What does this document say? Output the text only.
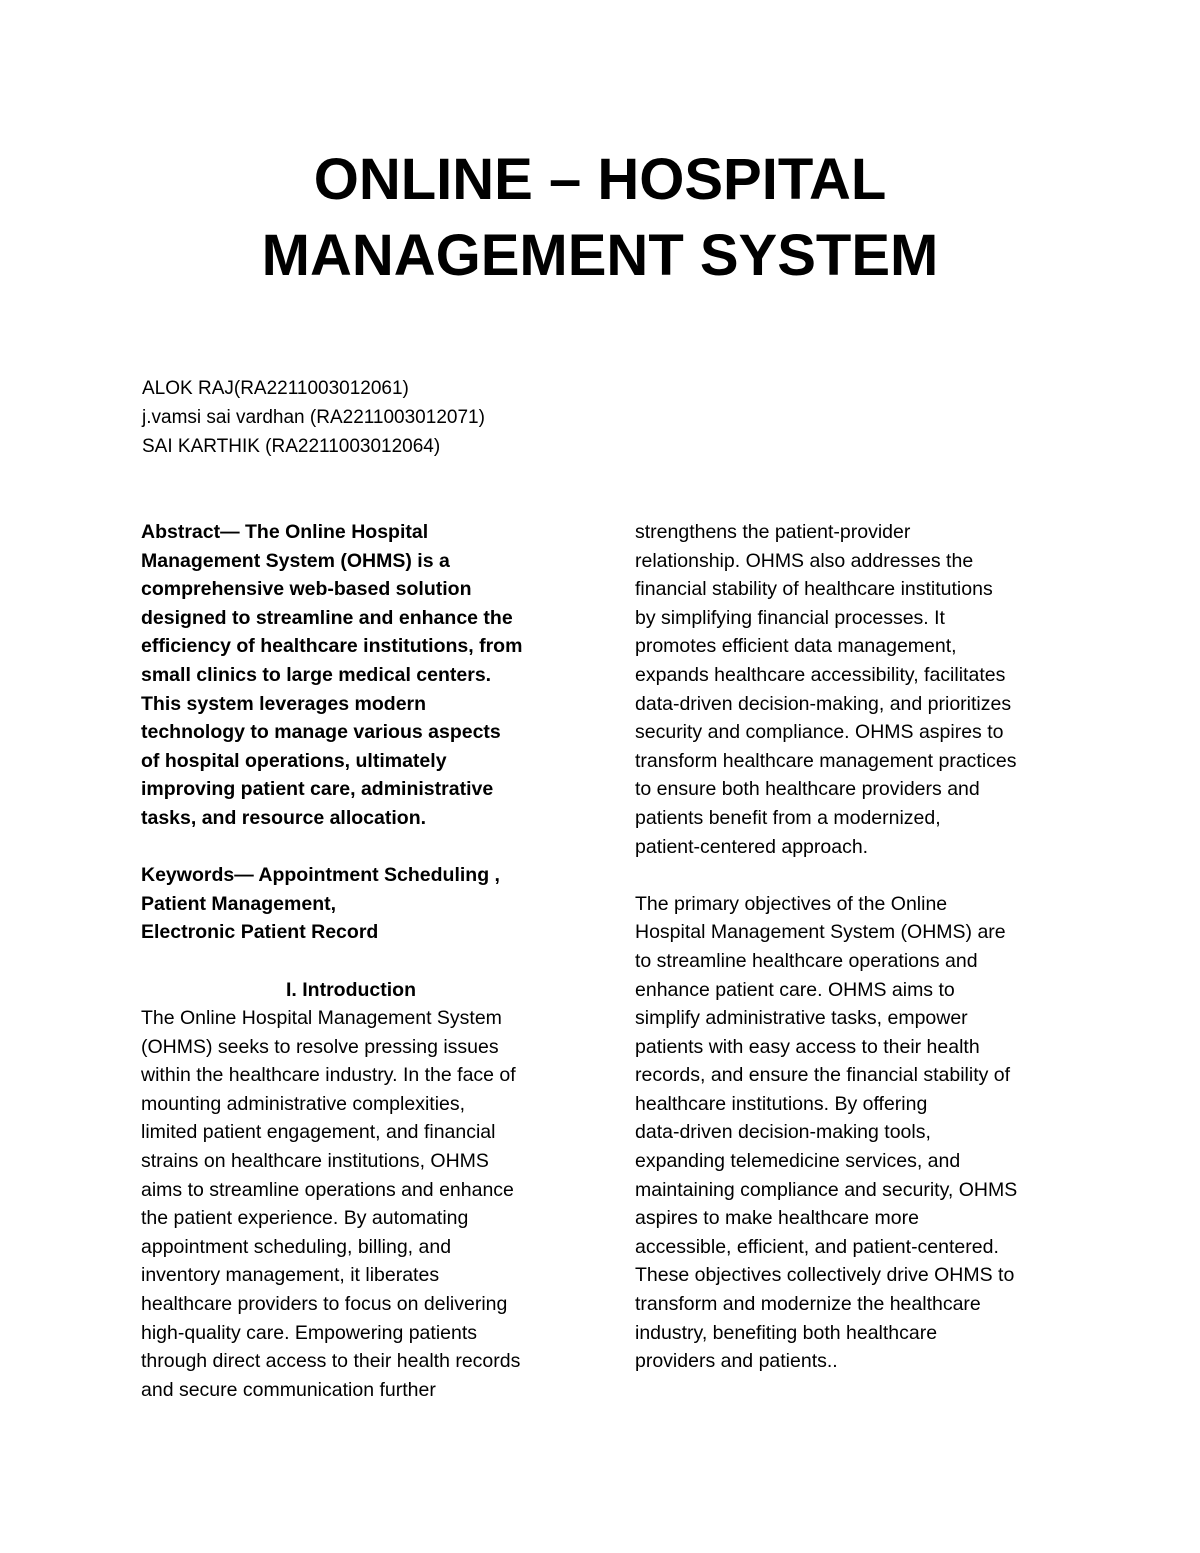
ONLINE – HOSPITAL
MANAGEMENT SYSTEM
ALOK RAJ(RA2211003012061)
j.vamsi sai vardhan (RA2211003012071)
SAI KARTHIK (RA2211003012064)
Abstract— The Online Hospital
Management System (OHMS) is a
comprehensive web-based solution
designed to streamline and enhance the
efficiency of healthcare institutions, from
small clinics to large medical centers.
This system leverages modern
technology to manage various aspects
of hospital operations, ultimately
improving patient care, administrative
tasks, and resource allocation.
Keywords— Appointment Scheduling ,
Patient Management,
Electronic Patient Record

I. Introduction

The Online Hospital Management System
(OHMS) seeks to resolve pressing issues
within the healthcare industry. In the face of
mounting administrative complexities,
limited patient engagement, and financial
strains on healthcare institutions, OHMS
aims to streamline operations and enhance
the patient experience. By automating
appointment scheduling, billing, and
inventory management, it liberates
healthcare providers to focus on delivering
high-quality care. Empowering patients
through direct access to their health records
and secure communication further
strengthens the patient-provider
relationship. OHMS also addresses the
financial stability of healthcare institutions
by simplifying financial processes. It
promotes efficient data management,
expands healthcare accessibility, facilitates
data-driven decision-making, and prioritizes
security and compliance. OHMS aspires to
transform healthcare management practices
to ensure both healthcare providers and
patients benefit from a modernized,
patient-centered approach.
The primary objectives of the Online
Hospital Management System (OHMS) are
to streamline healthcare operations and
enhance patient care. OHMS aims to
simplify administrative tasks, empower
patients with easy access to their health
records, and ensure the financial stability of
healthcare institutions. By offering
data-driven decision-making tools,
expanding telemedicine services, and
maintaining compliance and security, OHMS
aspires to make healthcare more
accessible, efficient, and patient-centered.
These objectives collectively drive OHMS to
transform and modernize the healthcare
industry, benefiting both healthcare
providers and patients..
